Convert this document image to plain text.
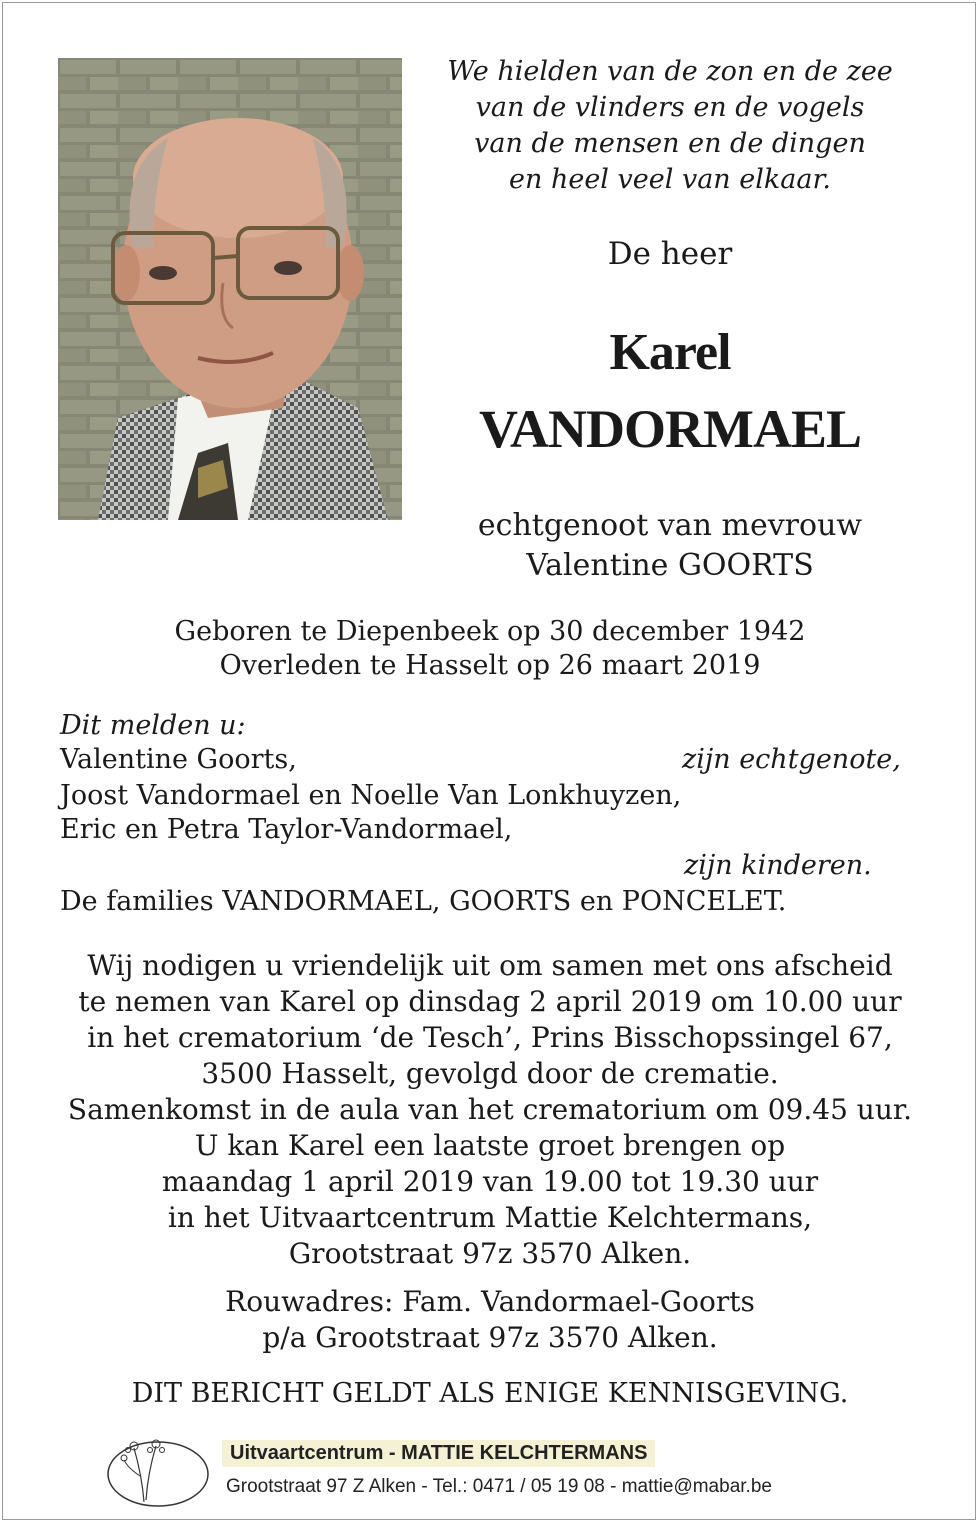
We hielden van de zon en de zee
van de vlinders en de vogels
van de mensen en de dingen
en heel veel van elkaar.
De heer
Karel
VANDORMAEL
echtgenoot van mevrouw
Valentine GOORTS
Geboren te Diepenbeek op 30 december 1942
Overleden te Hasselt op 26 maart 2019
Dit melden u:
Valentine Goorts,	zijn echtgenote,
Joost Vandormael en Noelle Van Lonkhuyzen,
Eric en Petra Taylor-Vandormael,
zijn kinderen.
De families VANDORMAEL, GOORTS en PONCELET.
Wij nodigen u vriendelijk uit om samen met ons afscheid
te nemen van Karel op dinsdag 2 april 2019 om 10.00 uur
in het crematorium ‘de Tesch’, Prins Bisschopssingel 67,
3500 Hasselt, gevolgd door de crematie.
Samenkomst in de aula van het crematorium om 09.45 uur.
U kan Karel een laatste groet brengen op
maandag 1 april 2019 van 19.00 tot 19.30 uur
in het Uitvaartcentrum Mattie Kelchtermans,
Grootstraat 97z 3570 Alken.
Rouwadres: Fam. Vandormael-Goorts
p/a Grootstraat 97z 3570 Alken.
DIT BERICHT GELDT ALS ENIGE KENNISGEVING.
Uitvaartcentrum - MATTIE KELCHTERMANS
Grootstraat 97 Z Alken - Tel.: 0471 / 05 19 08 - mattie@mabar.be
